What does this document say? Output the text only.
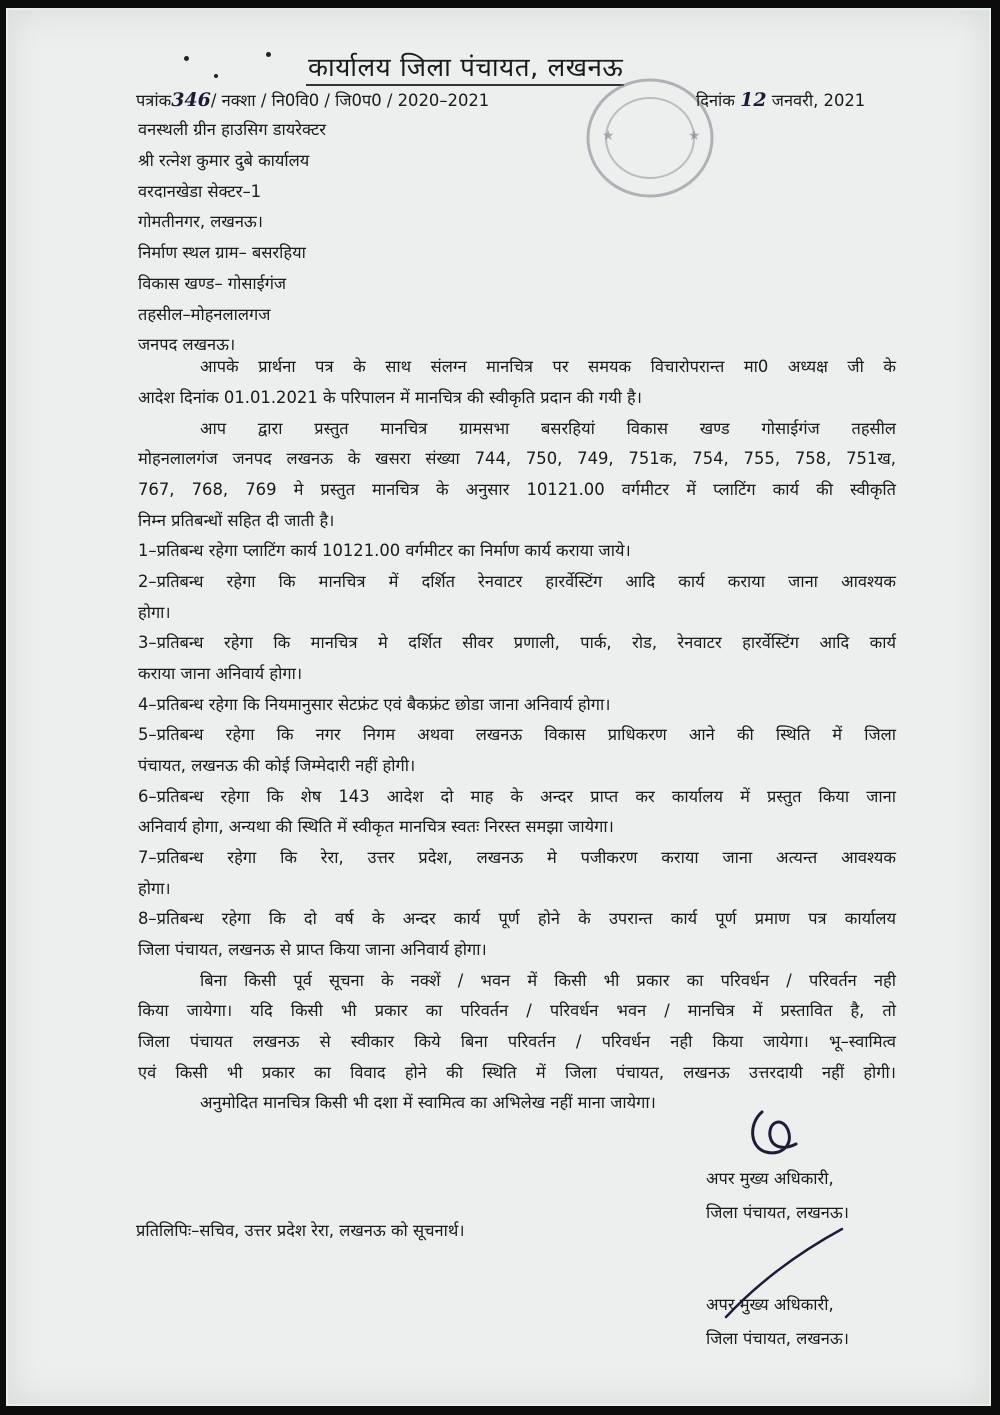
कार्यालय जिला पंचायत, लखनऊ
★	★
पत्रांक346/ नक्शा / नि0वि0 / जि0प0 / 2020–2021	दिनांक 12 जनवरी, 2021
वनस्थली ग्रीन हाउसिग डायरेक्टर
श्री रत्नेश कुमार दुबे कार्यालय
वरदानखेडा सेक्टर–1
गोमतीनगर, लखनऊ।
निर्माण स्थल ग्राम– बसरहिया
विकास खण्ड– गोसाईगंज
तहसील–मोहनलालगज
जनपद लखनऊ।
आपके प्रार्थना पत्र के साथ संलग्न मानचित्र पर समयक विचारोपरान्त मा0 अध्यक्ष जी के
आदेश दिनांक 01.01.2021 के परिपालन में मानचित्र की स्वीकृति प्रदान की गयी है।
आप द्वारा प्रस्तुत मानचित्र ग्रामसभा बसरहियां विकास खण्ड गोसाईगंज तहसील
मोहनलालगंज जनपद लखनऊ के खसरा संख्या 744, 750, 749, 751क, 754, 755, 758, 751ख,
767, 768, 769 मे प्रस्तुत मानचित्र के अनुसार 10121.00 वर्गमीटर में प्लाटिंग कार्य की स्वीकृति
निम्न प्रतिबन्धों सहित दी जाती है।
1–प्रतिबन्ध रहेगा प्लाटिंग कार्य 10121.00 वर्गमीटर का निर्माण कार्य कराया जाये।
2–प्रतिबन्ध रहेगा कि मानचित्र में दर्शित रेनवाटर हारर्वेस्टिंग आदि कार्य कराया जाना आवश्यक
होगा।
3–प्रतिबन्ध रहेगा कि मानचित्र मे दर्शित सीवर प्रणाली, पार्क, रोड, रेनवाटर हारर्वेस्टिंग आदि कार्य
कराया जाना अनिवार्य होगा।
4–प्रतिबन्ध रहेगा कि नियमानुसार सेटफ्रंट एवं बैकफ्रंट छोडा जाना अनिवार्य होगा।
5–प्रतिबन्ध रहेगा कि नगर निगम अथवा लखनऊ विकास प्राधिकरण आने की स्थिति में जिला
पंचायत, लखनऊ की कोई जिम्मेदारी नहीं होगी।
6–प्रतिबन्ध रहेगा कि शेष 143 आदेश दो माह के अन्दर प्राप्त कर कार्यालय में प्रस्तुत किया जाना
अनिवार्य होगा, अन्यथा की स्थिति में स्वीकृत मानचित्र स्वतः निरस्त समझा जायेगा।
7–प्रतिबन्ध रहेगा कि रेरा, उत्तर प्रदेश, लखनऊ मे पजीकरण कराया जाना अत्यन्त आवश्यक
होगा।
8–प्रतिबन्ध रहेगा कि दो वर्ष के अन्दर कार्य पूर्ण होने के उपरान्त कार्य पूर्ण प्रमाण पत्र कार्यालय
जिला पंचायत, लखनऊ से प्राप्त किया जाना अनिवार्य होगा।
बिना किसी पूर्व सूचना के नक्शें / भवन में किसी भी प्रकार का परिवर्धन / परिवर्तन नही
किया जायेगा। यदि किसी भी प्रकार का परिवर्तन / परिवर्धन भवन / मानचित्र में प्रस्तावित है, तो
जिला पंचायत लखनऊ से स्वीकार किये बिना परिवर्तन / परिवर्धन नही किया जायेगा। भू–स्वामित्व
एवं किसी भी प्रकार का विवाद होने की स्थिति में जिला पंचायत, लखनऊ उत्तरदायी नहीं होगी।
अनुमोदित मानचित्र किसी भी दशा में स्वामित्व का अभिलेख नहीं माना जायेगा।
अपर मुख्य अधिकारी,
जिला पंचायत, लखनऊ।
प्रतिलिपिः–सचिव, उत्तर प्रदेश रेरा, लखनऊ को सूचनार्थ।
अपर मुख्य अधिकारी,
जिला पंचायत, लखनऊ।
